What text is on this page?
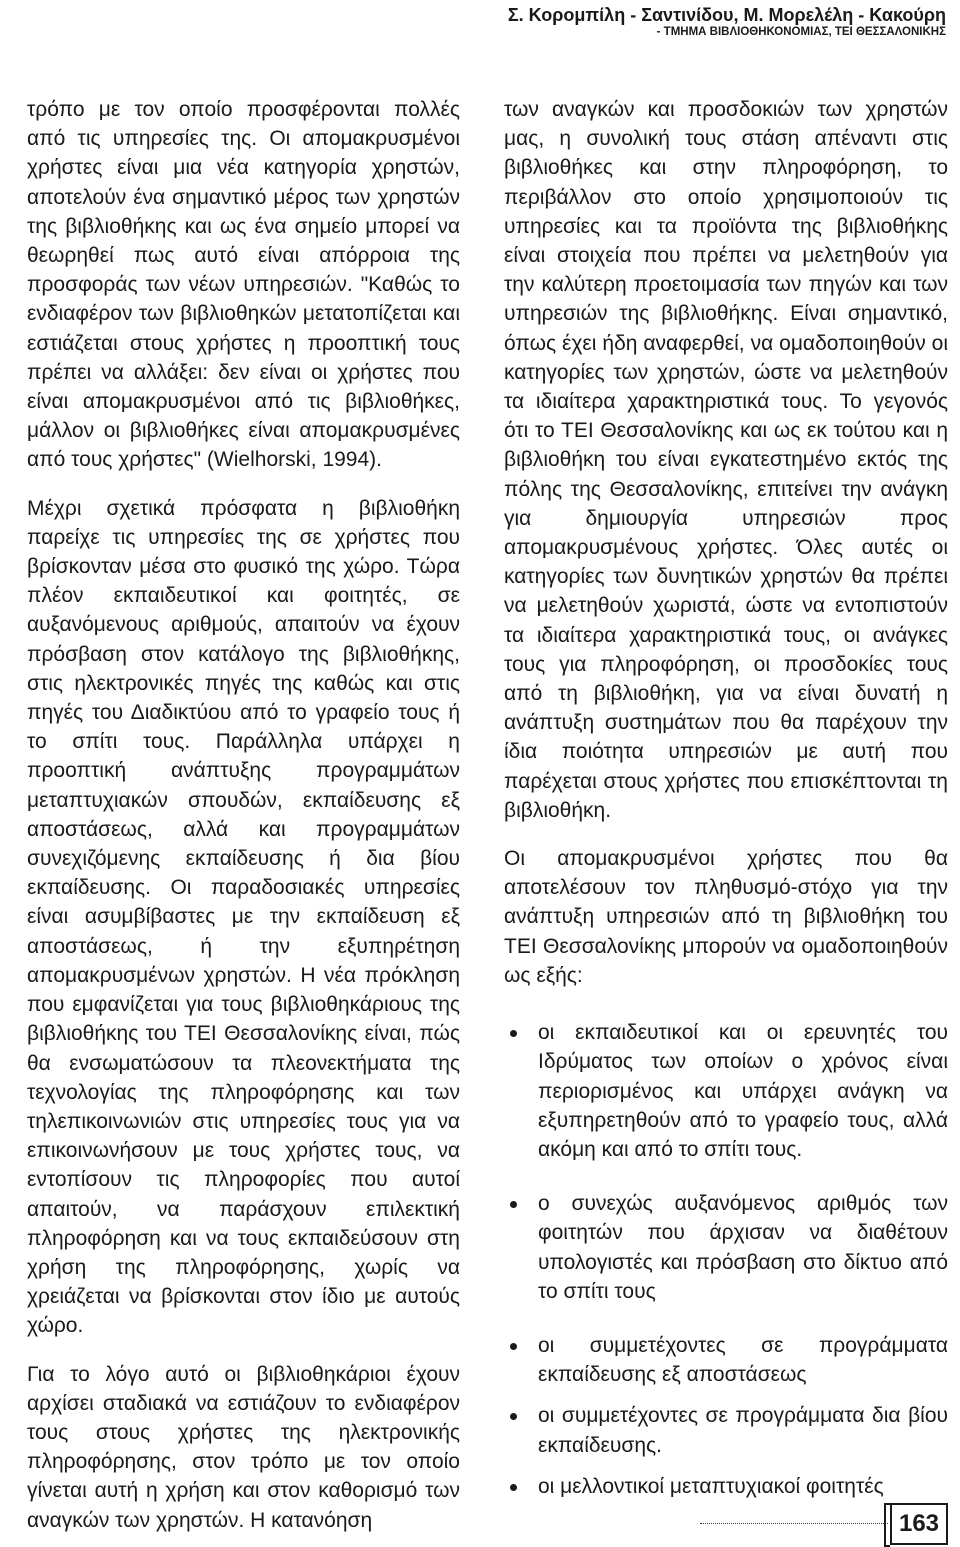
Σ. Κορομπίλη - Σαντινίδου, Μ. Μορελέλη - Κακούρη
- ΤΜΗΜΑ ΒΙΒΛΙΟΘΗΚΟΝΟΜΙΑΣ, ΤΕΙ ΘΕΣΣΑΛΟΝΙΚΗΣ

τρόπο με τον οποίο προσφέρονται πολλές από τις υπηρεσίες της. Οι απομακρυσμένοι χρήστες είναι μια νέα κατηγορία χρηστών, αποτελούν ένα σημαντικό μέρος των χρηστών της βιβλιοθήκης και ως ένα σημείο μπορεί να θεωρηθεί πως αυτό είναι απόρροια της προσφοράς των νέων υπηρεσιών. "Καθώς το ενδιαφέρον των βιβλιοθηκών μετατοπίζεται και εστιάζεται στους χρήστες η προοπτική τους πρέπει να αλλάξει: δεν είναι οι χρήστες που είναι απομακρυσμένοι από τις βιβλιοθήκες, μάλλον οι βιβλιοθήκες είναι απομακρυσμένες από τους χρήστες" (Wielhorski, 1994).

Μέχρι σχετικά πρόσφατα η βιβλιοθήκη παρείχε τις υπηρεσίες της σε χρήστες που βρίσκονταν μέσα στο φυσικό της χώρο. Τώρα πλέον εκπαιδευτικοί και φοιτητές, σε αυξανόμενους αριθμούς, απαιτούν να έχουν πρόσβαση στον κατάλογο της βιβλιοθήκης, στις ηλεκτρονικές πηγές της καθώς και στις πηγές του Διαδικτύου από το γραφείο τους ή το σπίτι τους. Παράλληλα υπάρχει η προοπτική ανάπτυξης προγραμμάτων μεταπτυχιακών σπουδών, εκπαίδευσης εξ αποστάσεως, αλλά και προγραμμάτων συνεχιζόμενης εκπαίδευσης ή δια βίου εκπαίδευσης. Οι παραδοσιακές υπηρεσίες είναι ασυμβίβαστες με την εκπαίδευση εξ αποστάσεως, ή την εξυπηρέτηση απομακρυσμένων χρηστών. Η νέα πρόκληση που εμφανίζεται για τους βιβλιοθηκάριους της βιβλιοθήκης του ΤΕΙ Θεσσαλονίκης είναι, πώς θα ενσωματώσουν τα πλεονεκτήματα της τεχνολογίας της πληροφόρησης και των τηλεπικοινωνιών στις υπηρεσίες τους για να επικοινωνήσουν με τους χρήστες τους, να εντοπίσουν τις πληροφορίες που αυτοί απαιτούν, να παράσχουν επιλεκτική πληροφόρηση και να τους εκπαιδεύσουν στη χρήση της πληροφόρησης, χωρίς να χρειάζεται να βρίσκονται στον ίδιο με αυτούς χώρο.

Για το λόγο αυτό οι βιβλιοθηκάριοι έχουν αρχίσει σταδιακά να εστιάζουν το ενδιαφέρον τους στους χρήστες της ηλεκτρονικής πληροφόρησης, στον τρόπο με τον οποίο γίνεται αυτή η χρήση και στον καθορισμό των αναγκών των χρηστών. Η κατανόηση

των αναγκών και προσδοκιών των χρηστών μας, η συνολική τους στάση απέναντι στις βιβλιοθήκες και στην πληροφόρηση, το περιβάλλον στο οποίο χρησιμοποιούν τις υπηρεσίες και τα προϊόντα της βιβλιοθήκης είναι στοιχεία που πρέπει να μελετηθούν για την καλύτερη προετοιμασία των πηγών και των υπηρεσιών της βιβλιοθήκης. Είναι σημαντικό, όπως έχει ήδη αναφερθεί, να ομαδοποιηθούν οι κατηγορίες των χρηστών, ώστε να μελετηθούν τα ιδιαίτερα χαρακτηριστικά τους. Το γεγονός ότι το ΤΕΙ Θεσσαλονίκης και ως εκ τούτου και η βιβλιοθήκη του είναι εγκατεστημένο εκτός της πόλης της Θεσσαλονίκης, επιτείνει την ανάγκη για δημιουργία υπηρεσιών προς απομακρυσμένους χρήστες. Όλες αυτές οι κατηγορίες των δυνητικών χρηστών θα πρέπει να μελετηθούν χωριστά, ώστε να εντοπιστούν τα ιδιαίτερα χαρακτηριστικά τους, οι ανάγκες τους για πληροφόρηση, οι προσδοκίες τους από τη βιβλιοθήκη, για να είναι δυνατή η ανάπτυξη συστημάτων που θα παρέχουν την ίδια ποιότητα υπηρεσιών με αυτή που παρέχεται στους χρήστες που επισκέπτονται τη βιβλιοθήκη.

Οι απομακρυσμένοι χρήστες που θα αποτελέσουν τον πληθυσμό-στόχο για την ανάπτυξη υπηρεσιών από τη βιβλιοθήκη του ΤΕΙ Θεσσαλονίκης μπορούν να ομαδοποιηθούν ως εξής:

οι εκπαιδευτικοί και οι ερευνητές του Ιδρύματος των οποίων ο χρόνος είναι περιορισμένος και υπάρχει ανάγκη να εξυπηρετηθούν από το γραφείο τους, αλλά ακόμη και από το σπίτι τους.
ο συνεχώς αυξανόμενος αριθμός των φοιτητών που άρχισαν να διαθέτουν υπολογιστές και πρόσβαση στο δίκτυο από το σπίτι τους
οι συμμετέχοντες σε προγράμματα εκπαίδευσης εξ αποστάσεως
οι συμμετέχοντες σε προγράμματα δια βίου εκπαίδευσης.
οι μελλοντικοί μεταπτυχιακοί φοιτητές
163
